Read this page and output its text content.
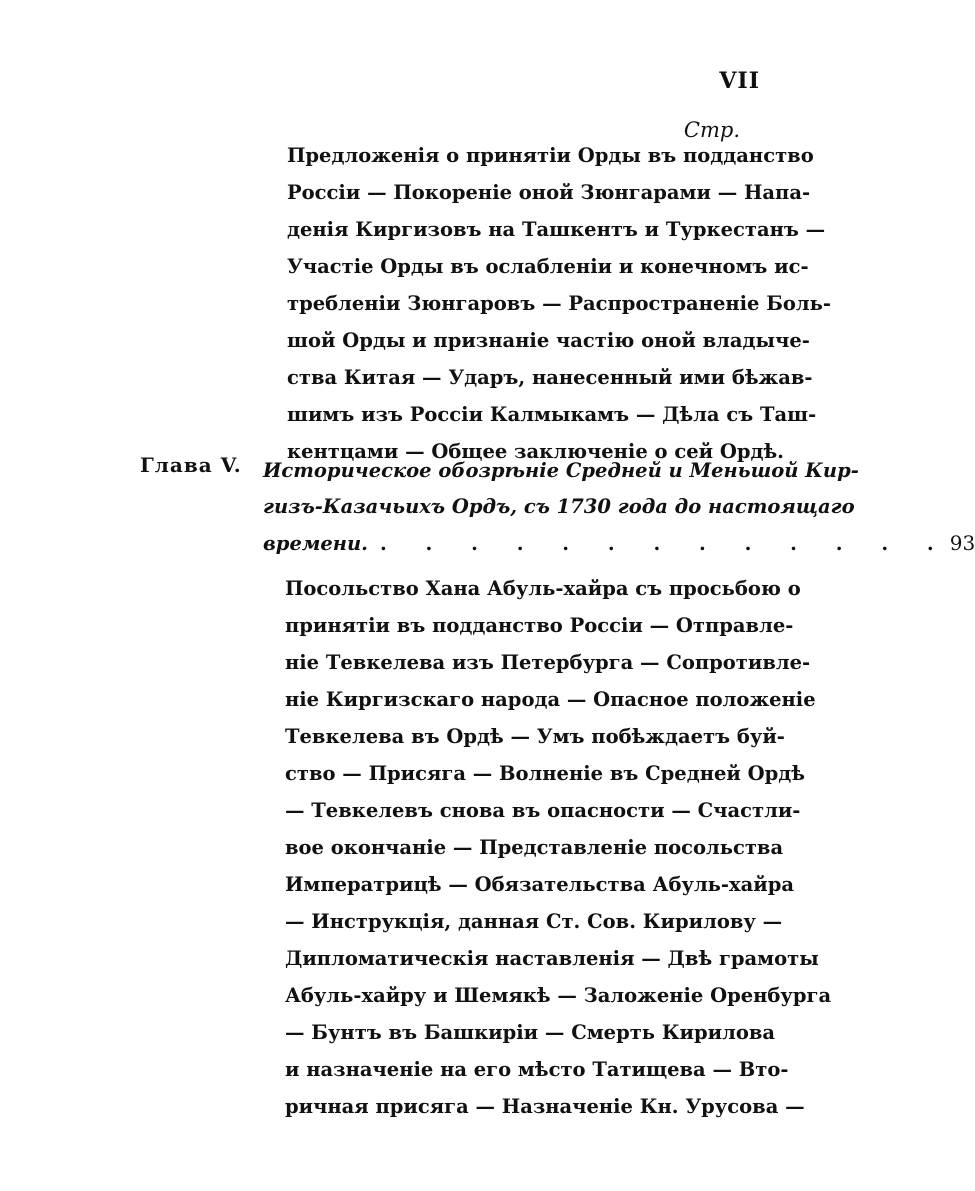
VII
Стр.
Предложенія о принятіи Орды въ подданство
Россіи — Покореніе оной Зюнгарами — Напа-
денія Киргизовъ на Ташкентъ и Туркестанъ —
Участіе Орды въ ослабленіи и конечномъ ис-
требленіи Зюнгаровъ — Распространеніе Боль-
шой Орды и признаніе частію оной владыче-
ства Китая — Ударъ, нанесенный ими бѣжав-
шимъ изъ Россіи Калмыкамъ — Дѣла съ Таш-
кентцами — Общее заключеніе о сей Ордѣ.
Глава V.	Историческое обозрѣніе Средней и Меньшой Кир-
гизъ-Казачьихъ Ордъ, съ 1730 года до настоящаго
времени. . . . . . . . . . . . . . 93
Посольство Хана Абуль-хайра съ просьбою о
принятіи въ подданство Россіи — Отправле-
ніе Тевкелева изъ Петербурга — Сопротивле-
ніе Киргизскаго народа — Опасное положеніе
Тевкелева въ Ордѣ — Умъ побѣждаетъ буй-
ство — Присяга — Волненіе въ Средней Ордѣ
— Тевкелевъ снова въ опасности — Счастли-
вое окончаніе — Представленіе посольства
Императрицѣ — Обязательства Абуль-хайра
— Инструкція, данная Ст. Сов. Кирилову —
Дипломатическія наставленія — Двѣ грамоты
Абуль-хайру и Шемякѣ — Заложеніе Оренбурга
— Бунтъ въ Башкиріи — Смерть Кирилова
и назначеніе на его мѣсто Татищева — Вто-
ричная присяга — Назначеніе Кн. Урусова —
